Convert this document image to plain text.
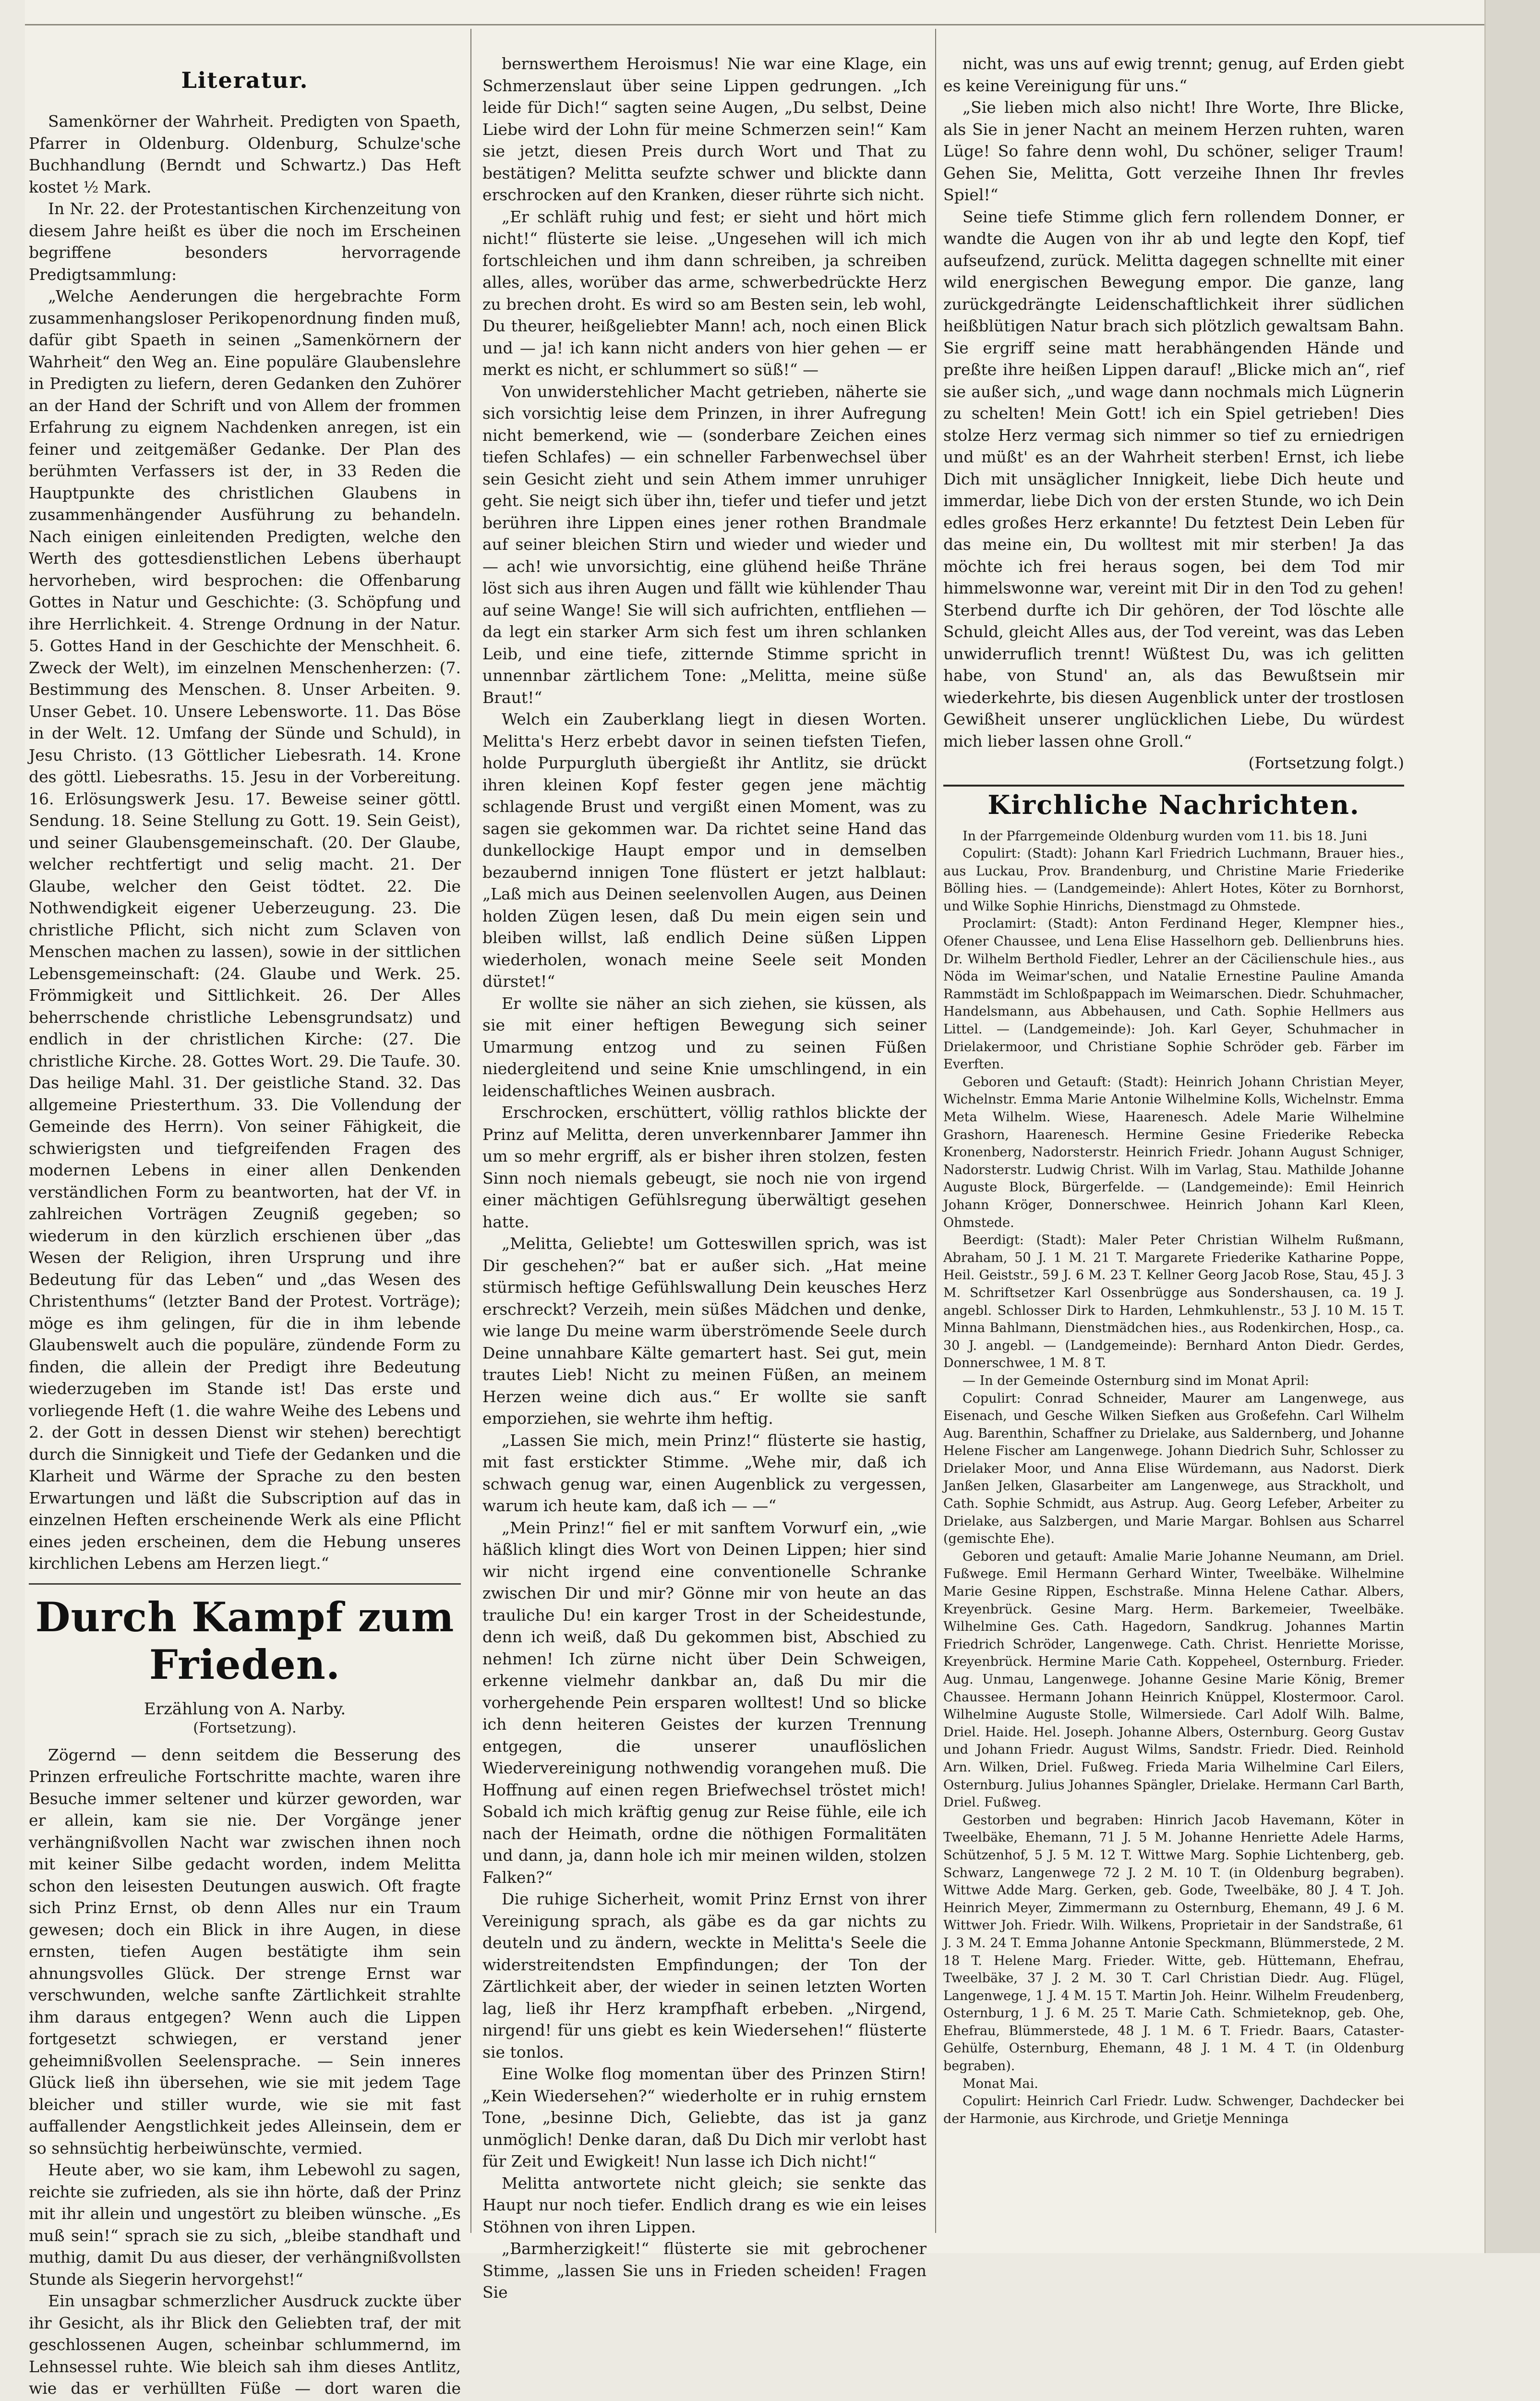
Literatur.

Samenkörner der Wahrheit. Predigten von Spaeth, Pfarrer in Oldenburg. Oldenburg, Schulze'sche Buchhandlung (Berndt und Schwartz.) Das Heft kostet ½ Mark.

In Nr. 22. der Protestantischen Kirchenzeitung von diesem Jahre heißt es über die noch im Erscheinen begriffene besonders hervorragende Predigtsammlung:

„Welche Aenderungen die hergebrachte Form zusammenhangsloser Perikopenordnung finden muß, dafür gibt Spaeth in seinen „Samenkörnern der Wahrheit“ den Weg an. Eine populäre Glaubenslehre in Predigten zu liefern, deren Gedanken den Zuhörer an der Hand der Schrift und von Allem der frommen Erfahrung zu eignem Nachdenken anregen, ist ein feiner und zeitgemäßer Gedanke. Der Plan des berühmten Verfassers ist der, in 33 Reden die Hauptpunkte des christlichen Glaubens in zusammenhängender Ausführung zu behandeln. Nach einigen einleitenden Predigten, welche den Werth des gottesdienstlichen Lebens überhaupt hervorheben, wird besprochen: die Offenbarung Gottes in Natur und Geschichte: (3. Schöpfung und ihre Herrlichkeit. 4. Strenge Ordnung in der Natur. 5. Gottes Hand in der Geschichte der Menschheit. 6. Zweck der Welt), im einzelnen Menschenherzen: (7. Bestimmung des Menschen. 8. Unser Arbeiten. 9. Unser Gebet. 10. Unsere Lebensworte. 11. Das Böse in der Welt. 12. Umfang der Sünde und Schuld), in Jesu Christo. (13 Göttlicher Liebesrath. 14. Krone des göttl. Liebesraths. 15. Jesu in der Vorbereitung. 16. Erlösungswerk Jesu. 17. Beweise seiner göttl. Sendung. 18. Seine Stellung zu Gott. 19. Sein Geist), und seiner Glaubensgemeinschaft. (20. Der Glaube, welcher rechtfertigt und selig macht. 21. Der Glaube, welcher den Geist tödtet. 22. Die Nothwendigkeit eigener Ueberzeugung. 23. Die christliche Pflicht, sich nicht zum Sclaven von Menschen machen zu lassen), sowie in der sittlichen Lebensgemeinschaft: (24. Glaube und Werk. 25. Frömmigkeit und Sittlichkeit. 26. Der Alles beherrschende christliche Lebensgrundsatz) und endlich in der christlichen Kirche: (27. Die christliche Kirche. 28. Gottes Wort. 29. Die Taufe. 30. Das heilige Mahl. 31. Der geistliche Stand. 32. Das allgemeine Priesterthum. 33. Die Vollendung der Gemeinde des Herrn). Von seiner Fähigkeit, die schwierigsten und tiefgreifenden Fragen des modernen Lebens in einer allen Denkenden verständlichen Form zu beantworten, hat der Vf. in zahlreichen Vorträgen Zeugniß gegeben; so wiederum in den kürzlich erschienen über „das Wesen der Religion, ihren Ursprung und ihre Bedeutung für das Leben“ und „das Wesen des Christenthums“ (letzter Band der Protest. Vorträge); möge es ihm gelingen, für die in ihm lebende Glaubenswelt auch die populäre, zündende Form zu finden, die allein der Predigt ihre Bedeutung wiederzugeben im Stande ist! Das erste und vorliegende Heft (1. die wahre Weihe des Lebens und 2. der Gott in dessen Dienst wir stehen) berechtigt durch die Sinnigkeit und Tiefe der Gedanken und die Klarheit und Wärme der Sprache zu den besten Erwartungen und läßt die Subscription auf das in einzelnen Heften erscheinende Werk als eine Pflicht eines jeden erscheinen, dem die Hebung unseres kirchlichen Lebens am Herzen liegt.“

Durch Kampf zum Frieden.
Erzählung von A. Narby.
(Fortsetzung).

Zögernd — denn seitdem die Besserung des Prinzen erfreuliche Fortschritte machte, waren ihre Besuche immer seltener und kürzer geworden, war er allein, kam sie nie. Der Vorgänge jener verhängnißvollen Nacht war zwischen ihnen noch mit keiner Silbe gedacht worden, indem Melitta schon den leisesten Deutungen auswich. Oft fragte sich Prinz Ernst, ob denn Alles nur ein Traum gewesen; doch ein Blick in ihre Augen, in diese ernsten, tiefen Augen bestätigte ihm sein ahnungsvolles Glück. Der strenge Ernst war verschwunden, welche sanfte Zärtlichkeit strahlte ihm daraus entgegen? Wenn auch die Lippen fortgesetzt schwiegen, er verstand jener geheimnißvollen Seelensprache. — Sein inneres Glück ließ ihn übersehen, wie sie mit jedem Tage bleicher und stiller wurde, wie sie mit fast auffallender Aengstlichkeit jedes Alleinsein, dem er so sehnsüchtig herbeiwünschte, vermied.

Heute aber, wo sie kam, ihm Lebewohl zu sagen, reichte sie zufrieden, als sie ihn hörte, daß der Prinz mit ihr allein und ungestört zu bleiben wünsche. „Es muß sein!“ sprach sie zu sich, „bleibe standhaft und muthig, damit Du aus dieser, der verhängnißvollsten Stunde als Siegerin hervorgehst!“

Ein unsagbar schmerzlicher Ausdruck zuckte über ihr Gesicht, als ihr Blick den Geliebten traf, der mit geschlossenen Augen, scheinbar schlummernd, im Lehnsessel ruhte. Wie bleich sah ihm dieses Antlitz, wie das er verhüllten Füße — dort waren die

bernswerthem Heroismus! Nie war eine Klage, ein Schmerzenslaut über seine Lippen gedrungen. „Ich leide für Dich!“ sagten seine Augen, „Du selbst, Deine Liebe wird der Lohn für meine Schmerzen sein!“ Kam sie jetzt, diesen Preis durch Wort und That zu bestätigen? Melitta seufzte schwer und blickte dann erschrocken auf den Kranken, dieser rührte sich nicht.

„Er schläft ruhig und fest; er sieht und hört mich nicht!“ flüsterte sie leise. „Ungesehen will ich mich fortschleichen und ihm dann schreiben, ja schreiben alles, alles, worüber das arme, schwerbedrückte Herz zu brechen droht. Es wird so am Besten sein, leb wohl, Du theurer, heißgeliebter Mann! ach, noch einen Blick und — ja! ich kann nicht anders von hier gehen — er merkt es nicht, er schlummert so süß!“ —

Von unwiderstehlicher Macht getrieben, näherte sie sich vorsichtig leise dem Prinzen, in ihrer Aufregung nicht bemerkend, wie — (sonderbare Zeichen eines tiefen Schlafes) — ein schneller Farbenwechsel über sein Gesicht zieht und sein Athem immer unruhiger geht. Sie neigt sich über ihn, tiefer und tiefer und jetzt berühren ihre Lippen eines jener rothen Brandmale auf seiner bleichen Stirn und wieder und wieder und — ach! wie unvorsichtig, eine glühend heiße Thräne löst sich aus ihren Augen und fällt wie kühlender Thau auf seine Wange! Sie will sich aufrichten, entfliehen — da legt ein starker Arm sich fest um ihren schlanken Leib, und eine tiefe, zitternde Stimme spricht in unnennbar zärtlichem Tone: „Melitta, meine süße Braut!“

Welch ein Zauberklang liegt in diesen Worten. Melitta's Herz erbebt davor in seinen tiefsten Tiefen, holde Purpurgluth übergießt ihr Antlitz, sie drückt ihren kleinen Kopf fester gegen jene mächtig schlagende Brust und vergißt einen Moment, was zu sagen sie gekommen war. Da richtet seine Hand das dunkellockige Haupt empor und in demselben bezaubernd innigen Tone flüstert er jetzt halblaut: „Laß mich aus Deinen seelenvollen Augen, aus Deinen holden Zügen lesen, daß Du mein eigen sein und bleiben willst, laß endlich Deine süßen Lippen wiederholen, wonach meine Seele seit Monden dürstet!“

Er wollte sie näher an sich ziehen, sie küssen, als sie mit einer heftigen Bewegung sich seiner Umarmung entzog und zu seinen Füßen niedergleitend und seine Knie umschlingend, in ein leidenschaftliches Weinen ausbrach.

Erschrocken, erschüttert, völlig rathlos blickte der Prinz auf Melitta, deren unverkennbarer Jammer ihn um so mehr ergriff, als er bisher ihren stolzen, festen Sinn noch niemals gebeugt, sie noch nie von irgend einer mächtigen Gefühlsregung überwältigt gesehen hatte.

„Melitta, Geliebte! um Gotteswillen sprich, was ist Dir geschehen?“ bat er außer sich. „Hat meine stürmisch heftige Gefühlswallung Dein keusches Herz erschreckt? Verzeih, mein süßes Mädchen und denke, wie lange Du meine warm überströmende Seele durch Deine unnahbare Kälte gemartert hast. Sei gut, mein trautes Lieb! Nicht zu meinen Füßen, an meinem Herzen weine dich aus.“ Er wollte sie sanft emporziehen, sie wehrte ihm heftig.

„Lassen Sie mich, mein Prinz!“ flüsterte sie hastig, mit fast erstickter Stimme. „Wehe mir, daß ich schwach genug war, einen Augenblick zu vergessen, warum ich heute kam, daß ich — —“

„Mein Prinz!“ fiel er mit sanftem Vorwurf ein, „wie häßlich klingt dies Wort von Deinen Lippen; hier sind wir nicht irgend eine conventionelle Schranke zwischen Dir und mir? Gönne mir von heute an das trauliche Du! ein karger Trost in der Scheidestunde, denn ich weiß, daß Du gekommen bist, Abschied zu nehmen! Ich zürne nicht über Dein Schweigen, erkenne vielmehr dankbar an, daß Du mir die vorhergehende Pein ersparen wolltest! Und so blicke ich denn heiteren Geistes der kurzen Trennung entgegen, die unserer unauflöslichen Wiedervereinigung nothwendig vorangehen muß. Die Hoffnung auf einen regen Briefwechsel tröstet mich! Sobald ich mich kräftig genug zur Reise fühle, eile ich nach der Heimath, ordne die nöthigen Formalitäten und dann, ja, dann hole ich mir meinen wilden, stolzen Falken?“

Die ruhige Sicherheit, womit Prinz Ernst von ihrer Vereinigung sprach, als gäbe es da gar nichts zu deuteln und zu ändern, weckte in Melitta's Seele die widerstreitendsten Empfindungen; der Ton der Zärtlichkeit aber, der wieder in seinen letzten Worten lag, ließ ihr Herz krampfhaft erbeben. „Nirgend, nirgend! für uns giebt es kein Wiedersehen!“ flüsterte sie tonlos.

Eine Wolke flog momentan über des Prinzen Stirn! „Kein Wiedersehen?“ wiederholte er in ruhig ernstem Tone, „besinne Dich, Geliebte, das ist ja ganz unmöglich! Denke daran, daß Du Dich mir verlobt hast für Zeit und Ewigkeit! Nun lasse ich Dich nicht!“

Melitta antwortete nicht gleich; sie senkte das Haupt nur noch tiefer. Endlich drang es wie ein leises Stöhnen von ihren Lippen.

„Barmherzigkeit!“ flüsterte sie mit gebrochener Stimme, „lassen Sie uns in Frieden scheiden! Fragen Sie

nicht, was uns auf ewig trennt; genug, auf Erden giebt es keine Vereinigung für uns.“

„Sie lieben mich also nicht! Ihre Worte, Ihre Blicke, als Sie in jener Nacht an meinem Herzen ruhten, waren Lüge! So fahre denn wohl, Du schöner, seliger Traum! Gehen Sie, Melitta, Gott verzeihe Ihnen Ihr frevles Spiel!“

Seine tiefe Stimme glich fern rollendem Donner, er wandte die Augen von ihr ab und legte den Kopf, tief aufseufzend, zurück. Melitta dagegen schnellte mit einer wild energischen Bewegung empor. Die ganze, lang zurückgedrängte Leidenschaftlichkeit ihrer südlichen heißblütigen Natur brach sich plötzlich gewaltsam Bahn. Sie ergriff seine matt herabhängenden Hände und preßte ihre heißen Lippen darauf! „Blicke mich an“, rief sie außer sich, „und wage dann nochmals mich Lügnerin zu schelten! Mein Gott! ich ein Spiel getrieben! Dies stolze Herz vermag sich nimmer so tief zu erniedrigen und müßt' es an der Wahrheit sterben! Ernst, ich liebe Dich mit unsäglicher Innigkeit, liebe Dich heute und immerdar, liebe Dich von der ersten Stunde, wo ich Dein edles großes Herz erkannte! Du fetztest Dein Leben für das meine ein, Du wolltest mit mir sterben! Ja das möchte ich frei heraus sogen, bei dem Tod mir himmelswonne war, vereint mit Dir in den Tod zu gehen! Sterbend durfte ich Dir gehören, der Tod löschte alle Schuld, gleicht Alles aus, der Tod vereint, was das Leben unwiderruflich trennt! Wüßtest Du, was ich gelitten habe, von Stund' an, als das Bewußtsein mir wiederkehrte, bis diesen Augenblick unter der trostlosen Gewißheit unserer unglücklichen Liebe, Du würdest mich lieber lassen ohne Groll.“

(Fortsetzung folgt.)

Kirchliche Nachrichten.

In der Pfarrgemeinde Oldenburg wurden vom 11. bis 18. Juni

Copulirt: (Stadt): Johann Karl Friedrich Luchmann, Brauer hies., aus Luckau, Prov. Brandenburg, und Christine Marie Friederike Bölling hies. — (Landgemeinde): Ahlert Hotes, Köter zu Bornhorst, und Wilke Sophie Hinrichs, Dienstmagd zu Ohmstede.

Proclamirt: (Stadt): Anton Ferdinand Heger, Klempner hies., Ofener Chaussee, und Lena Elise Hasselhorn geb. Dellienbruns hies. Dr. Wilhelm Berthold Fiedler, Lehrer an der Cäcilienschule hies., aus Nöda im Weimar'schen, und Natalie Ernestine Pauline Amanda Rammstädt im Schloßpappach im Weimarschen. Diedr. Schuhmacher, Handelsmann, aus Abbehausen, und Cath. Sophie Hellmers aus Littel. — (Landgemeinde): Joh. Karl Geyer, Schuhmacher in Drielakermoor, und Christiane Sophie Schröder geb. Färber im Everften.

Geboren und Getauft: (Stadt): Heinrich Johann Christian Meyer, Wichelnstr. Emma Marie Antonie Wilhelmine Kolls, Wichelnstr. Emma Meta Wilhelm. Wiese, Haarenesch. Adele Marie Wilhelmine Grashorn, Haarenesch. Hermine Gesine Friederike Rebecka Kronenberg, Nadorsterstr. Heinrich Friedr. Johann August Schniger, Nadorsterstr. Ludwig Christ. Wilh im Varlag, Stau. Mathilde Johanne Auguste Block, Bürgerfelde. — (Landgemeinde): Emil Heinrich Johann Kröger, Donnerschwee. Heinrich Johann Karl Kleen, Ohmstede.

Beerdigt: (Stadt): Maler Peter Christian Wilhelm Rußmann, Abraham, 50 J. 1 M. 21 T. Margarete Friederike Katharine Poppe, Heil. Geiststr., 59 J. 6 M. 23 T. Kellner Georg Jacob Rose, Stau, 45 J. 3 M. Schriftsetzer Karl Ossenbrügge aus Sondershausen, ca. 19 J. angebl. Schlosser Dirk to Harden, Lehmkuhlenstr., 53 J. 10 M. 15 T. Minna Bahlmann, Dienstmädchen hies., aus Rodenkirchen, Hosp., ca. 30 J. angebl. — (Landgemeinde): Bernhard Anton Diedr. Gerdes, Donnerschwee, 1 M. 8 T.

— In der Gemeinde Osternburg sind im Monat April:

Copulirt: Conrad Schneider, Maurer am Langenwege, aus Eisenach, und Gesche Wilken Siefken aus Großefehn. Carl Wilhelm Aug. Barenthin, Schaffner zu Drielake, aus Saldernberg, und Johanne Helene Fischer am Langenwege. Johann Diedrich Suhr, Schlosser zu Drielaker Moor, und Anna Elise Würdemann, aus Nadorst. Dierk Janßen Jelken, Glasarbeiter am Langenwege, aus Strackholt, und Cath. Sophie Schmidt, aus Astrup. Aug. Georg Lefeber, Arbeiter zu Drielake, aus Salzbergen, und Marie Margar. Bohlsen aus Scharrel (gemischte Ehe).

Geboren und getauft: Amalie Marie Johanne Neumann, am Driel. Fußwege. Emil Hermann Gerhard Winter, Tweelbäke. Wilhelmine Marie Gesine Rippen, Eschstraße. Minna Helene Cathar. Albers, Kreyenbrück. Gesine Marg. Herm. Barkemeier, Tweelbäke. Wilhelmine Ges. Cath. Hagedorn, Sandkrug. Johannes Martin Friedrich Schröder, Langenwege. Cath. Christ. Henriette Morisse, Kreyenbrück. Hermine Marie Cath. Koppeheel, Osternburg. Frieder. Aug. Unmau, Langenwege. Johanne Gesine Marie König, Bremer Chaussee. Hermann Johann Heinrich Knüppel, Klostermoor. Carol. Wilhelmine Auguste Stolle, Wilmersiede. Carl Adolf Wilh. Balme, Driel. Haide. Hel. Joseph. Johanne Albers, Osternburg. Georg Gustav und Johann Friedr. August Wilms, Sandstr. Friedr. Died. Reinhold Arn. Wilken, Driel. Fußweg. Frieda Maria Wilhelmine Carl Eilers, Osternburg. Julius Johannes Spängler, Drielake. Hermann Carl Barth, Driel. Fußweg.

Gestorben und begraben: Hinrich Jacob Havemann, Köter in Tweelbäke, Ehemann, 71 J. 5 M. Johanne Henriette Adele Harms, Schützenhof, 5 J. 5 M. 12 T. Wittwe Marg. Sophie Lichtenberg, geb. Schwarz, Langenwege 72 J. 2 M. 10 T. (in Oldenburg begraben). Wittwe Adde Marg. Gerken, geb. Gode, Tweelbäke, 80 J. 4 T. Joh. Heinrich Meyer, Zimmermann zu Osternburg, Ehemann, 49 J. 6 M. Wittwer Joh. Friedr. Wilh. Wilkens, Proprietair in der Sandstraße, 61 J. 3 M. 24 T. Emma Johanne Antonie Speckmann, Blümmerstede, 2 M. 18 T. Helene Marg. Frieder. Witte, geb. Hüttemann, Ehefrau, Tweelbäke, 37 J. 2 M. 30 T. Carl Christian Diedr. Aug. Flügel, Langenwege, 1 J. 4 M. 15 T. Martin Joh. Heinr. Wilhelm Freudenberg, Osternburg, 1 J. 6 M. 25 T. Marie Cath. Schmieteknop, geb. Ohe, Ehefrau, Blümmerstede, 48 J. 1 M. 6 T. Friedr. Baars, Cataster-Gehülfe, Osternburg, Ehemann, 48 J. 1 M. 4 T. (in Oldenburg begraben).

Monat Mai.

Copulirt: Heinrich Carl Friedr. Ludw. Schwenger, Dachdecker bei der Harmonie, aus Kirchrode, und Grietje Menninga
